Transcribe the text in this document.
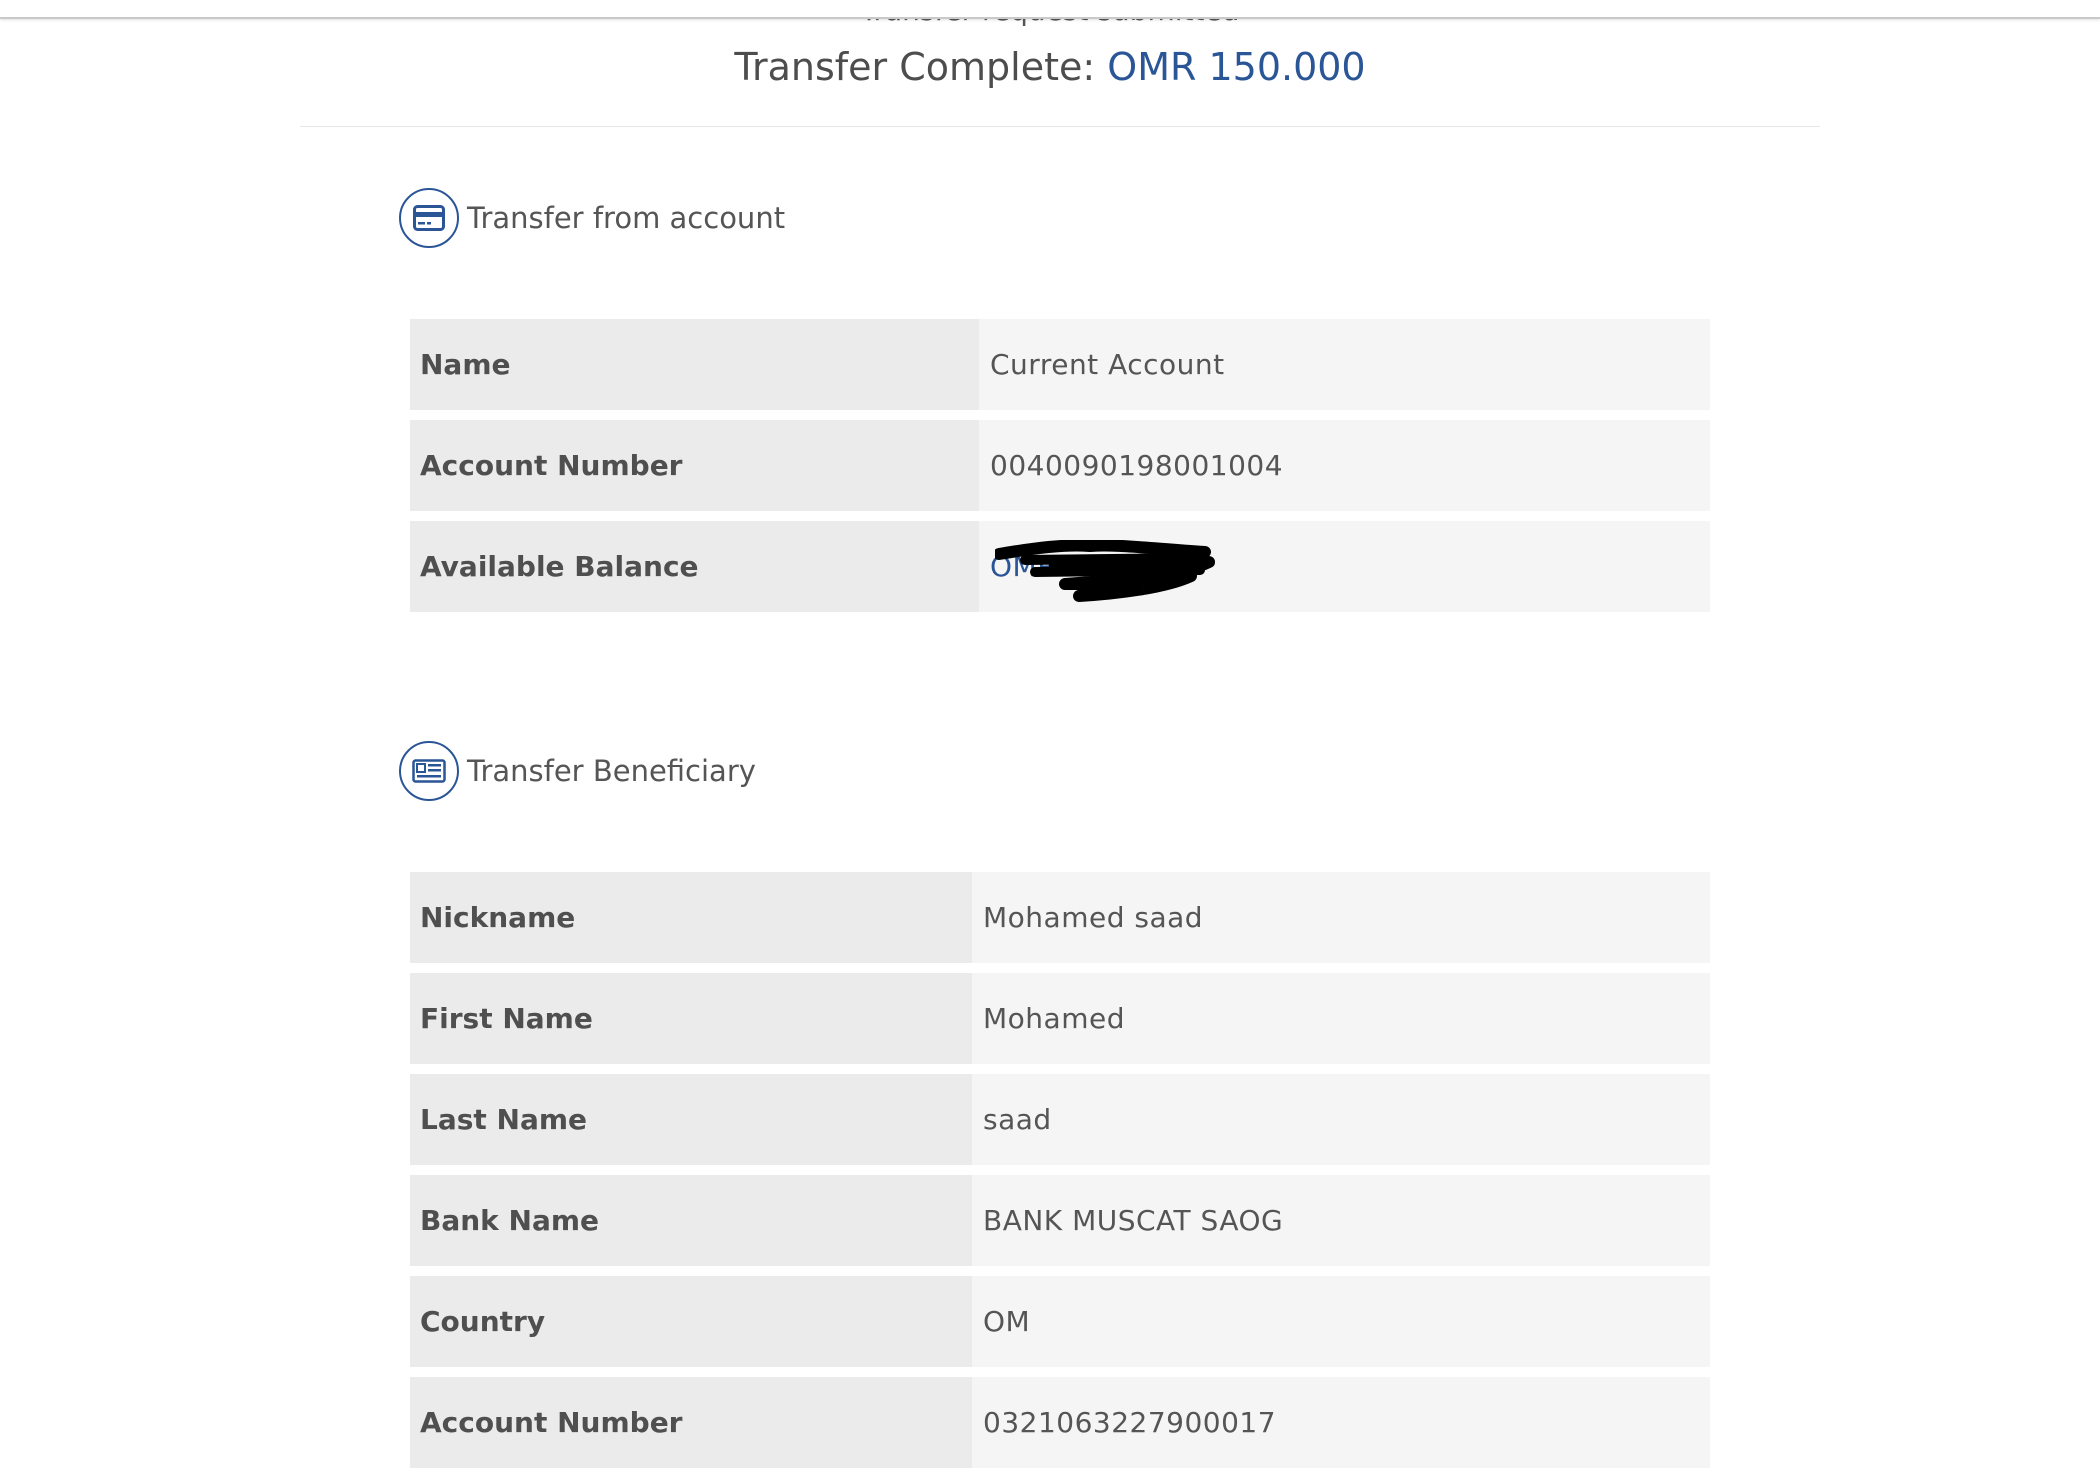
Transfer Complete: OMR 150.000
Transfer from account
Name	Current Account
Account Number	0040090198001004
Available Balance	OMR
Transfer Beneficiary
Nickname	Mohamed saad
First Name	Mohamed
Last Name	saad
Bank Name	BANK MUSCAT SAOG
Country	OM
Account Number	0321063227900017
